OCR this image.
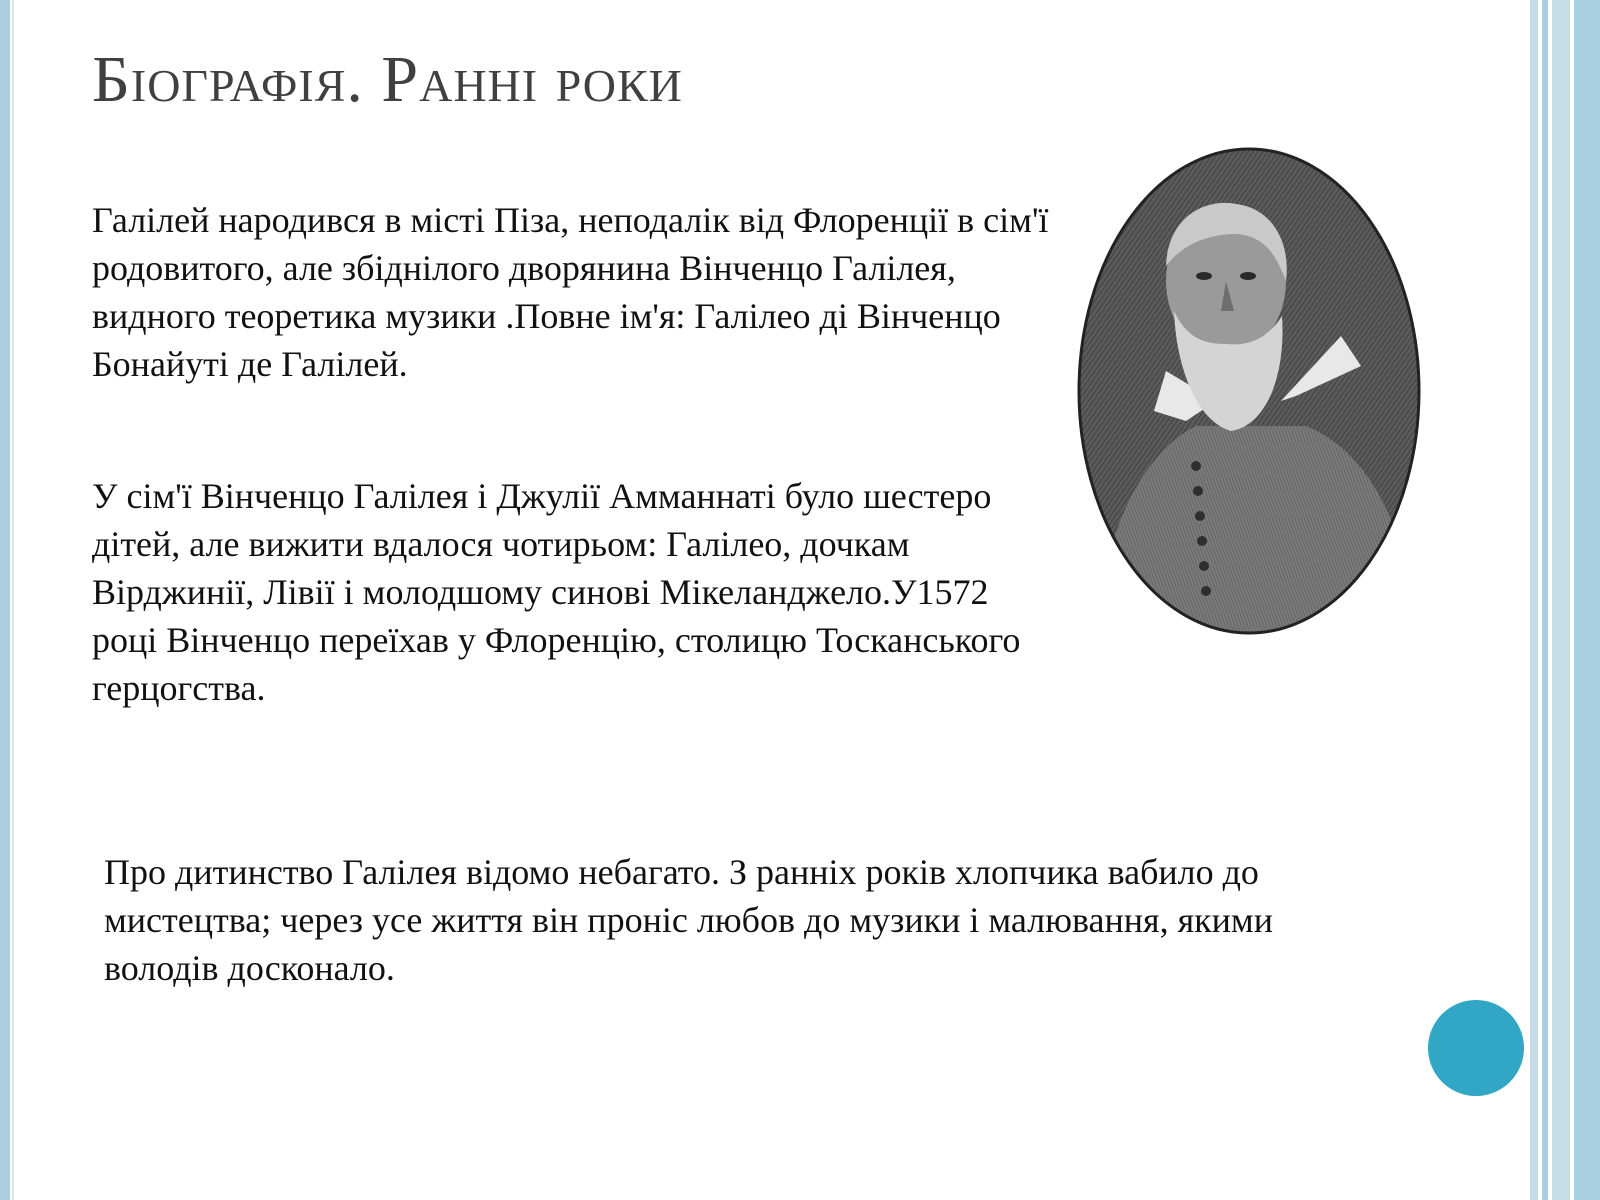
Біографія. Ранні роки

Галілей народився в місті Піза, неподалік від Флоренції в сім'ї родовитого, але збіднілого дворянина Вінченцо Галілея, видного теоретика музики .Повне ім'я: Галілео ді Вінченцо Бонайуті де Галілей.

У сім'ї Вінченцо Галілея і Джулії Амманнаті було шестеро дітей, але вижити вдалося чотирьом: Галілео, дочкам Вірджинії, Лівії і молодшому синові Мікеланджело.У1572 році Вінченцо переїхав у Флоренцію, столицю Тосканського герцогства.

Про дитинство Галілея відомо небагато. З ранніх років хлопчика вабило до мистецтва; через усе життя він проніс любов до музики і малювання, якими володів досконало.
